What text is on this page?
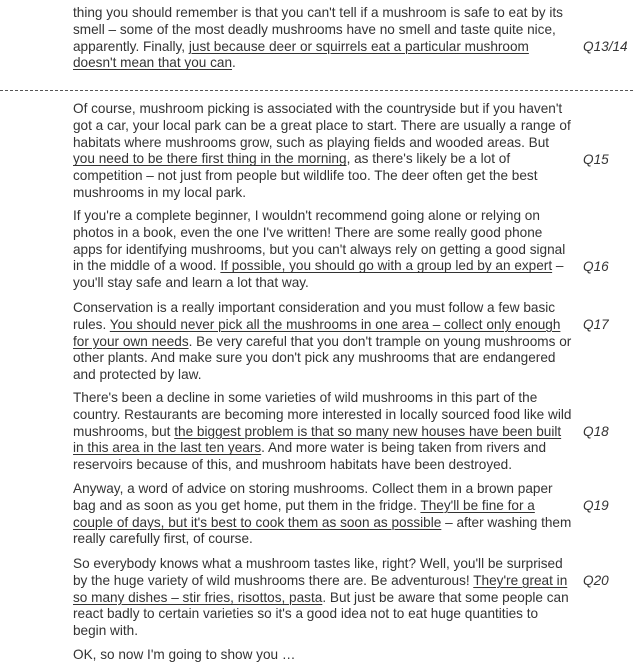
thing you should remember is that you can't tell if a mushroom is safe to eat by its smell – some of the most deadly mushrooms have no smell and taste quite nice, apparently. Finally, just because deer or squirrels eat a particular mushroom doesn't mean that you can.
Q13/14
Of course, mushroom picking is associated with the countryside but if you haven't got a car, your local park can be a great place to start. There are usually a range of habitats where mushrooms grow, such as playing fields and wooded areas. But you need to be there first thing in the morning, as there's likely be a lot of competition – not just from people but wildlife too. The deer often get the best mushrooms in my local park.
Q15
If you're a complete beginner, I wouldn't recommend going alone or relying on photos in a book, even the one I've written! There are some really good phone apps for identifying mushrooms, but you can't always rely on getting a good signal in the middle of a wood. If possible, you should go with a group led by an expert – you'll stay safe and learn a lot that way.
Q16
Conservation is a really important consideration and you must follow a few basic rules. You should never pick all the mushrooms in one area – collect only enough for your own needs. Be very careful that you don't trample on young mushrooms or other plants. And make sure you don't pick any mushrooms that are endangered and protected by law.
Q17
There's been a decline in some varieties of wild mushrooms in this part of the country. Restaurants are becoming more interested in locally sourced food like wild mushrooms, but the biggest problem is that so many new houses have been built in this area in the last ten years. And more water is being taken from rivers and reservoirs because of this, and mushroom habitats have been destroyed.
Q18
Anyway, a word of advice on storing mushrooms. Collect them in a brown paper bag and as soon as you get home, put them in the fridge. They'll be fine for a couple of days, but it's best to cook them as soon as possible – after washing them really carefully first, of course.
Q19
So everybody knows what a mushroom tastes like, right? Well, you'll be surprised by the huge variety of wild mushrooms there are. Be adventurous! They're great in so many dishes – stir fries, risottos, pasta. But just be aware that some people can react badly to certain varieties so it's a good idea not to eat huge quantities to begin with.
Q20
OK, so now I'm going to show you …
